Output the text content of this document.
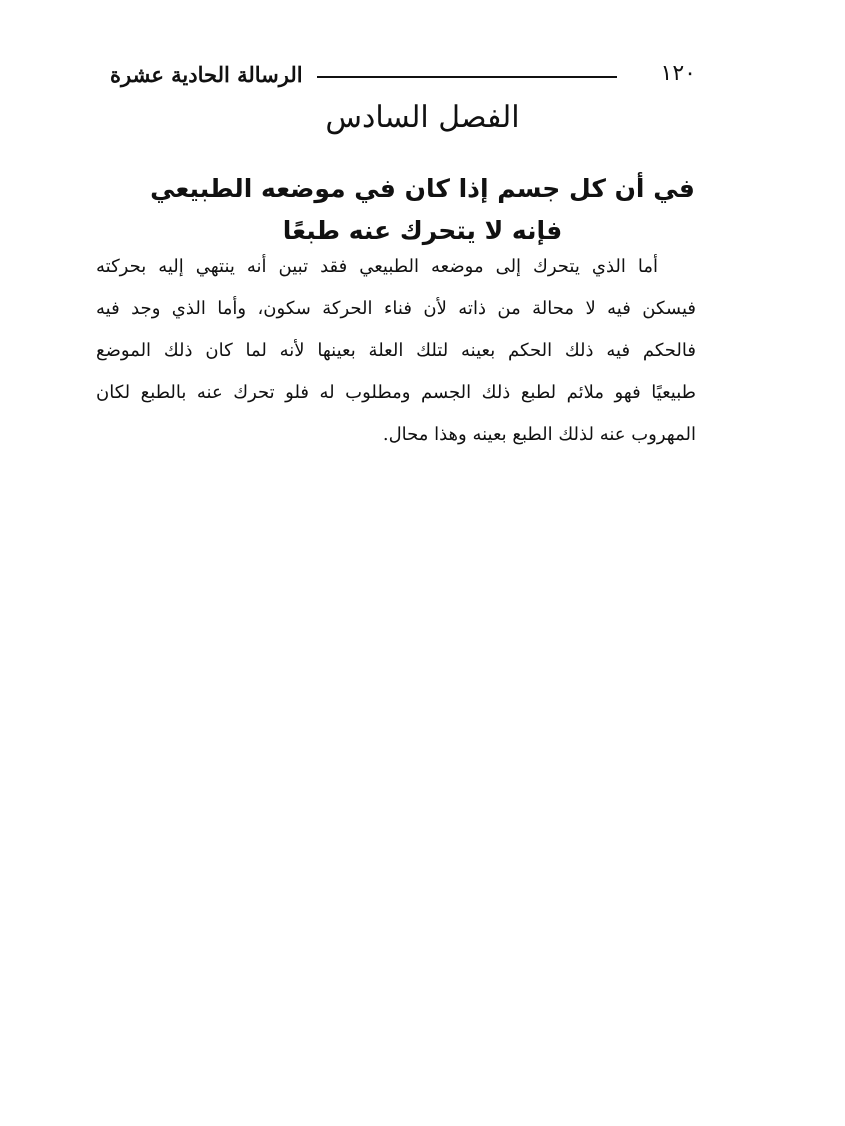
الرسالة الحادية عشرة	١٢٠
الفصل السادس
في أن كل جسم إذا كان في موضعه الطبيعي
فإنه لا يتحرك عنه طبعًا
أما الذي يتحرك إلى موضعه الطبيعي فقد تبين أنه ينتهي إليه بحركته
فيسكن فيه لا محالة من ذاته لأن فناء الحركة سكون، وأما الذي وجد فيه
فالحكم فيه ذلك الحكم بعينه لتلك العلة بعينها لأنه لما كان ذلك الموضع
طبيعيًا فهو ملائم لطبع ذلك الجسم ومطلوب له فلو تحرك عنه بالطبع لكان
المهروب عنه لذلك الطبع بعينه وهذا محال.
